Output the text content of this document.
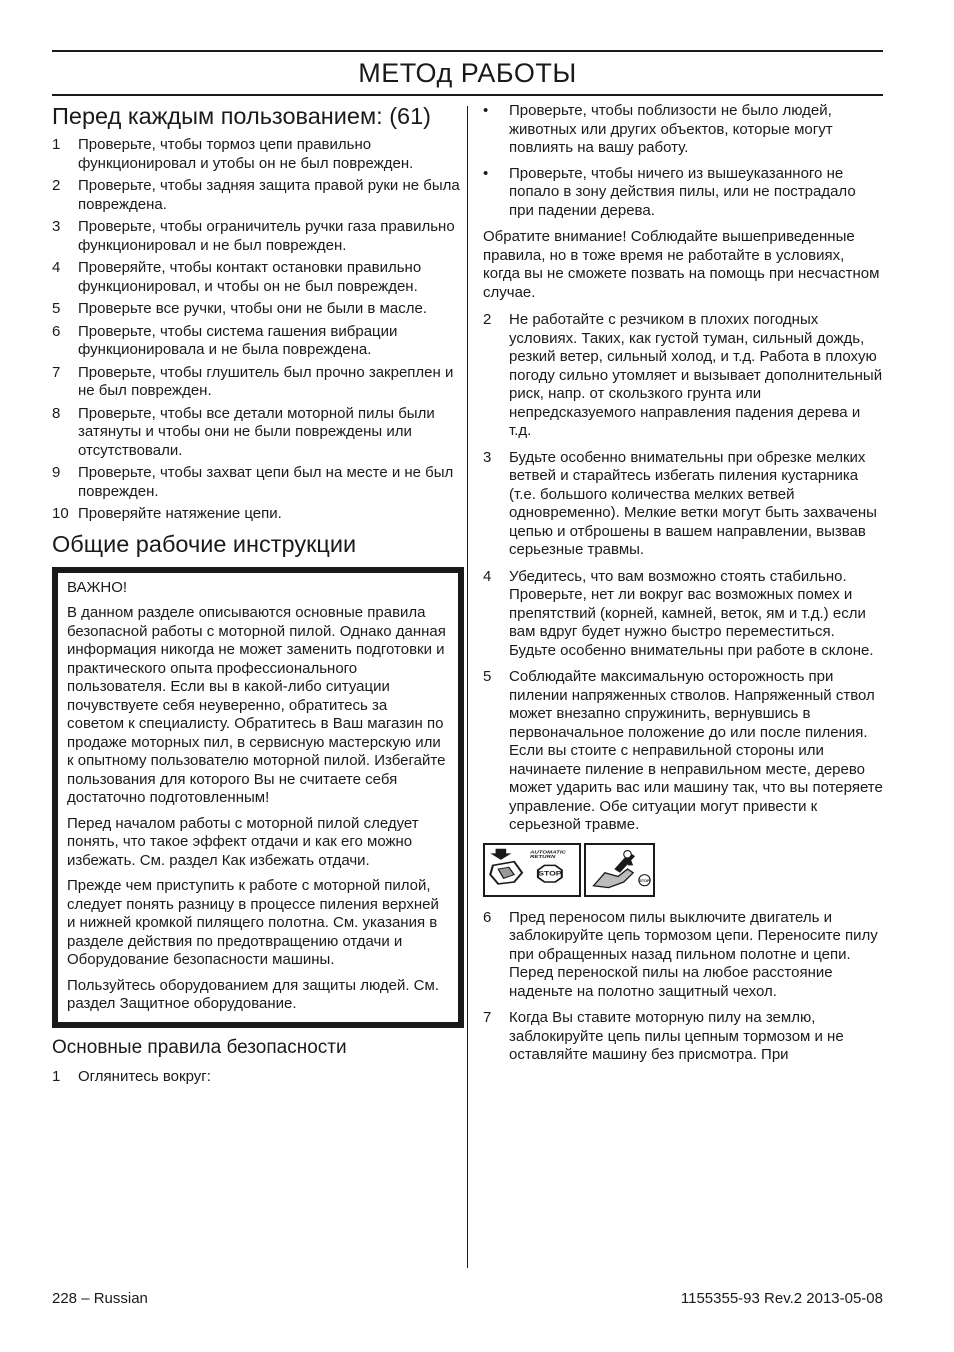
МЕТОд РАБОТЫ
Перед каждым пользованием: (61)
1 Проверьте, чтобы тормоз цепи правильно функционировал и утобы он не был поврежден.
2 Проверьте, чтобы задняя защита правой руки не была повреждена.
3 Проверьте, чтобы ограничитель ручки газа правильно функционировал и не был поврежден.
4 Проверяйте, чтобы контакт остановки правильно функционировал, и чтобы он не был поврежден.
5 Проверьте все ручки, чтобы они не были в масле.
6 Проверьте, чтобы система гашения вибрации функционировала и не была повреждена.
7 Проверьте, чтобы глушитель был прочно закреплен и не был поврежден.
8 Проверьте, чтобы все детали моторной пилы были затянуты и чтобы они не были повреждены или отсутствовали.
9 Проверьте, чтобы захват цепи был на месте и не был поврежден.
10 Проверяйте натяжение цепи.
Общие рабочие инструкции

ВАЖНО!

В данном разделе описываются основные правила безопасной работы с моторной пилой. Однако данная информация никогда не может заменить подготовки и практического опыта профессионального пользователя. Если вы в какой-либо ситуации почувствуете себя неуверенно, обратитесь за советом к специалисту. Обратитесь в Ваш магазин по продаже моторных пил, в сервисную мастерскую или к опытному пользователю моторной пилой. Избегайте пользования для которого Вы не считаете себя достаточно подготовленным!

Перед началом работы с моторной пилой следует понять, что такое эффект отдачи и как его можно избежать. См. раздел Как избежать отдачи.

Прежде чем приступить к работе с моторной пилой, следует понять разницу в процессе пиления верхней и нижней кромкой пилящего полотна. См. указания в разделе действия по предотвращению отдачи и Оборудование безопасности машины.

Пользуйтесь оборудованием для защиты людей. См. раздел Защитное оборудование.

Основные правила безопасности
1 Оглянитесь вокруг:
• Проверьте, чтобы поблизости не было людей, животных или других объектов, которые могут повлиять на вашу работу.
• Проверьте, чтобы ничего из вышеуказанного не попало в зону действия пилы, или не пострадало при падении дерева.

Обратите внимание! Соблюдайте вышеприведенные правила, но в тоже время не работайте в условиях, когда вы не сможете позвать на помощь при несчастном случае.

2 Не работайте с резчиком в плохих погодных условиях. Таких, как густой туман, сильный дождь, резкий ветер, сильный холод, и т.д. Работа в плохую погоду сильно утомляет и вызывает дополнительный риск, напр. от скользкого грунта или непредсказуемого направления падения дерева и т.д.
3 Будьте особенно внимательны при обрезке мелких ветвей и старайтесь избегать пиления кустарника (т.е. большого количества мелких ветвей одновременно). Мелкие ветки могут быть захвачены цепью и отброшены в вашем направлении, вызвав серьезные травмы.
4 Убедитесь, что вам возможно стоять стабильно. Проверьте, нет ли вокруг вас возможных помех и препятствий (корней, камней, веток, ям и т.д.) если вам вдруг будет нужно быстро переместиться. Будьте особенно внимательны при работе в склоне.
5 Соблюдайте максимальную осторожность при пилении напряженных стволов. Напряженный ствол может внезапно спружинить, вернувшись в первоначальное положение до или после пиления. Если вы стоите с неправильной стороны или начинаете пиление в неправильном месте, дерево может ударить вас или машину так, что вы потеряете управление. Обе ситуации могут привести к серьезной травме.
AUTOMATIC
RETURN
STOP
STOP
6 Пред переносом пилы выключите двигатель и заблокируйте цепь тормозом цепи. Переносите пилу при обращенных назад пильном полотне и цепи. Перед переноской пилы на любое расстояние наденьте на полотно защитный чехол.
7 Когда Вы ставите моторную пилу на землю, заблокируйте цепь пилы цепным тормозом и не оставляйте машину без присмотра. При
228 – Russian	1155355-93 Rev.2 2013-05-08
